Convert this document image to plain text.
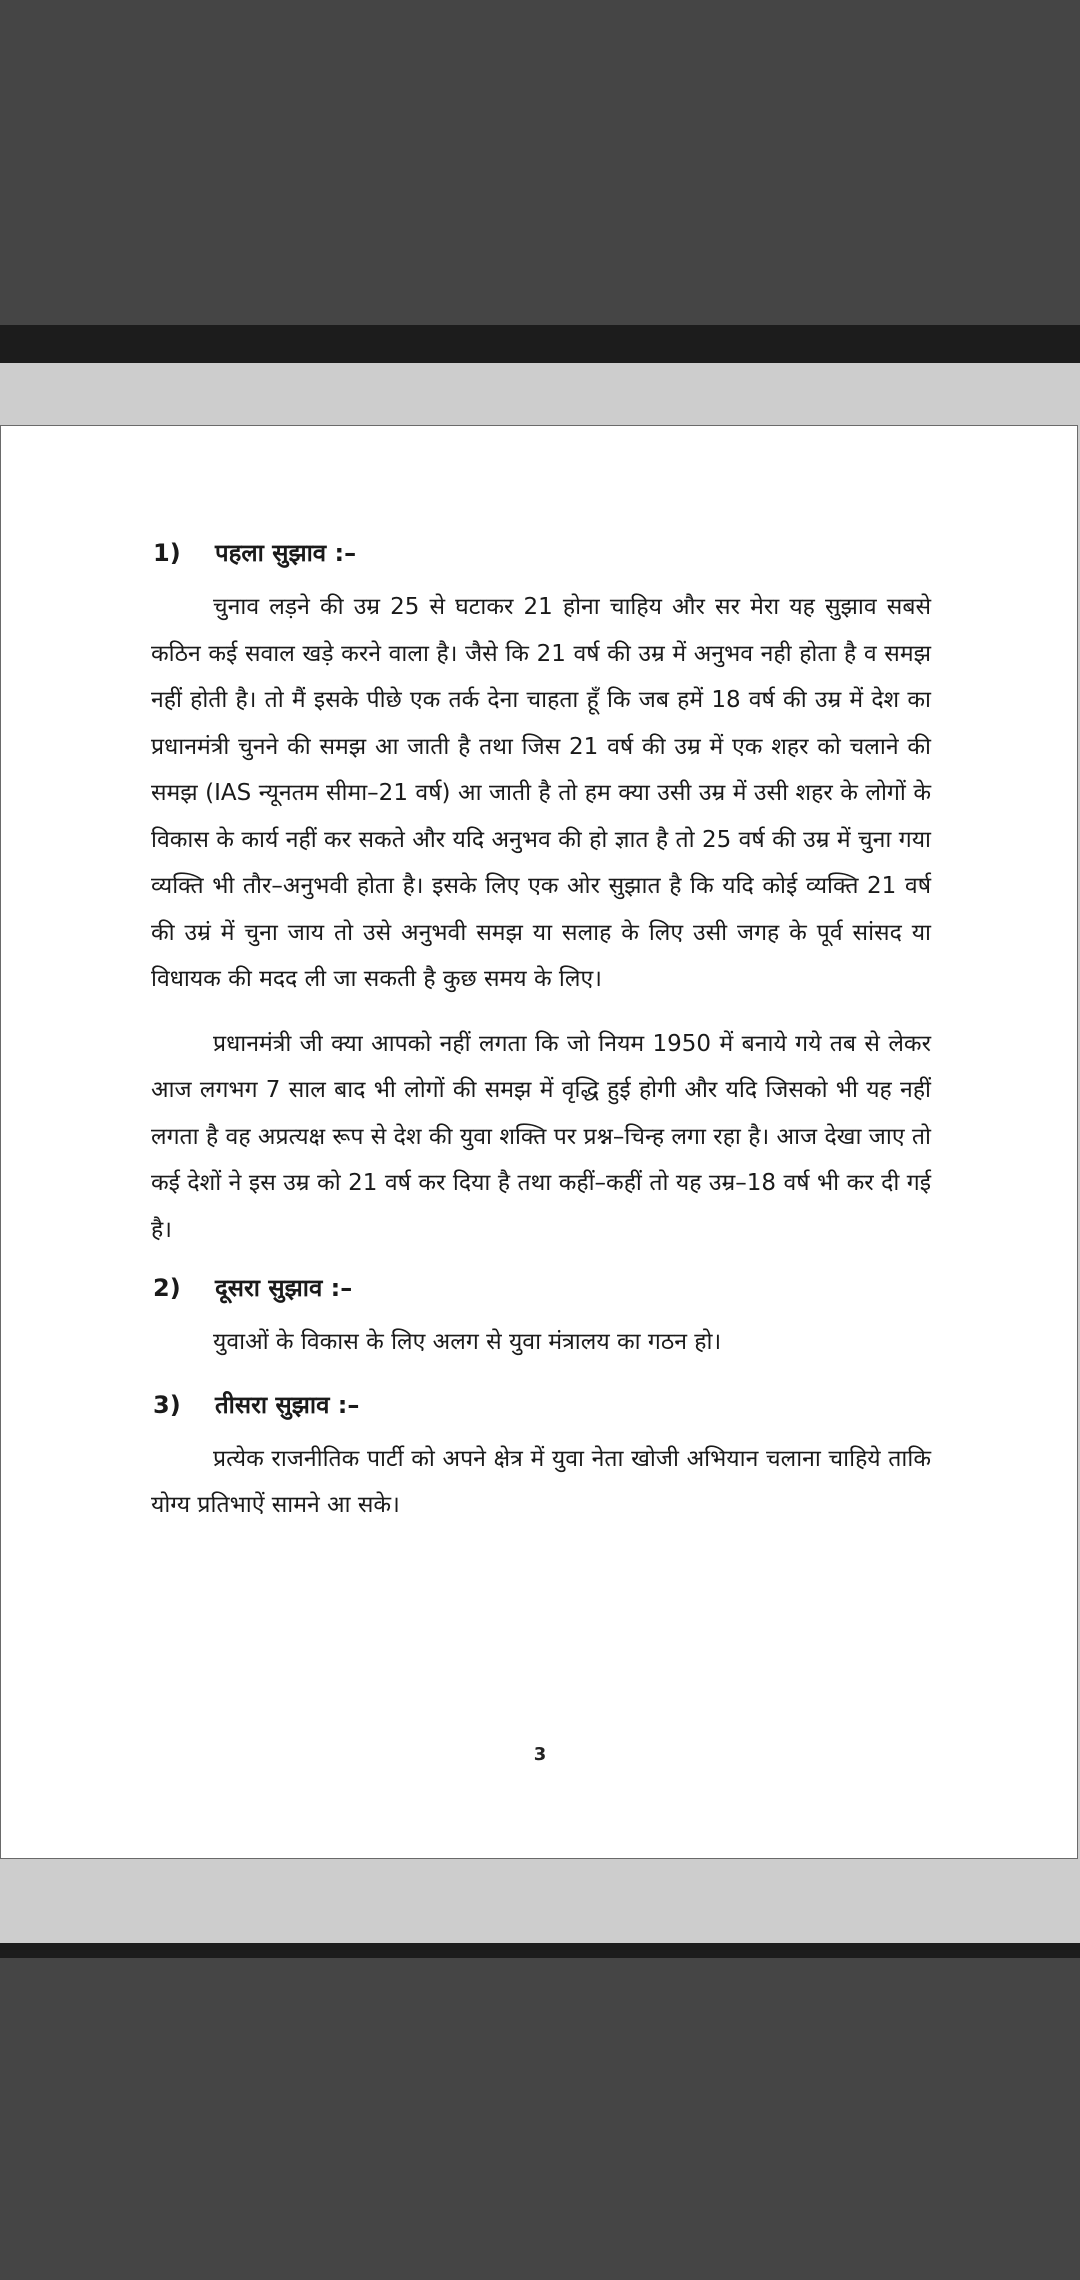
1)	पहला सुझाव :–

चुनाव लड़ने की उम्र 25 से घटाकर 21 होना चाहिय और सर मेरा यह सुझाव सबसे कठिन कई सवाल खड़े करने वाला है। जैसे कि 21 वर्ष की उम्र में अनुभव नही होता है व समझ नहीं होती है। तो मैं इसके पीछे एक तर्क देना चाहता हूँ कि जब हमें 18 वर्ष की उम्र में देश का प्रधानमंत्री चुनने की समझ आ जाती है तथा जिस 21 वर्ष की उम्र में एक शहर को चलाने की समझ (IAS न्यूनतम सीमा–21 वर्ष) आ जाती है तो हम क्या उसी उम्र में उसी शहर के लोगों के विकास के कार्य नहीं कर सकते और यदि अनुभव की हो ज्ञात है तो 25 वर्ष की उम्र में चुना गया व्यक्ति भी तौर–अनुभवी होता है। इसके लिए एक ओर सुझात है कि यदि कोई व्यक्ति 21 वर्ष की उम्रं में चुना जाय तो उसे अनुभवी समझ या सलाह के लिए उसी जगह के पूर्व सांसद या विधायक की मदद ली जा सकती है कुछ समय के लिए।

प्रधानमंत्री जी क्या आपको नहीं लगता कि जो नियम 1950 में बनाये गये तब से लेकर आज लगभग 7 साल बाद भी लोगों की समझ में वृद्धि हुई होगी और यदि जिसको भी यह नहीं लगता है वह अप्रत्यक्ष रूप से देश की युवा शक्ति पर प्रश्न–चिन्ह लगा रहा है। आज देखा जाए तो कई देशों ने इस उम्र को 21 वर्ष कर दिया है तथा कहीं–कहीं तो यह उम्र–18 वर्ष भी कर दी गई है।

2)	दूसरा सुझाव :–

युवाओं के विकास के लिए अलग से युवा मंत्रालय का गठन हो।

3)	तीसरा सुझाव :–

प्रत्येक राजनीतिक पार्टी को अपने क्षेत्र में युवा नेता खोजी अभियान चलाना चाहिये ताकि योग्य प्रतिभाऐं सामने आ सके।

3
